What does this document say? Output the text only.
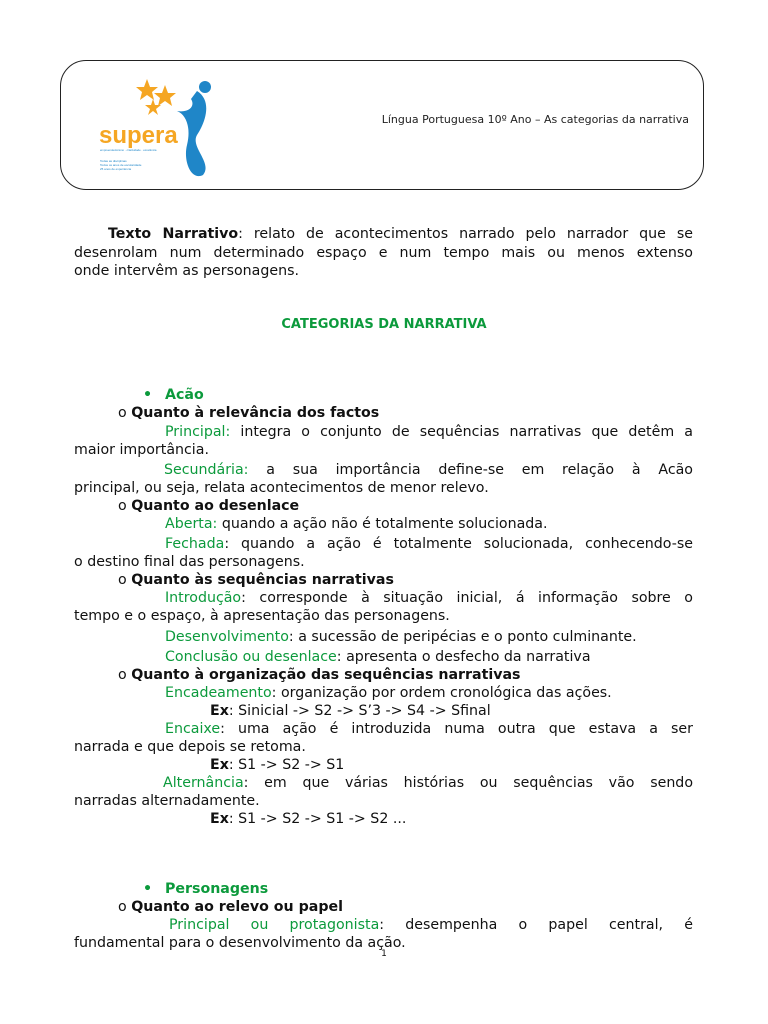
supera
empreendedorismo · criatividade · excelência
Todas as disciplinas
Todos os anos de escolaridade
25 anos de experiência
Língua Portuguesa 10º Ano – As categorias da narrativa
Texto Narrativo: relato de acontecimentos narrado pelo narrador que se
desenrolam num determinado espaço e num tempo mais ou menos extenso
onde intervêm as personagens.
CATEGORIAS DA NARRATIVA
• Acão
o Quanto à relevância dos factos
Principal: integra o conjunto de sequências narrativas que detêm a
maior importância.
Secundária: a sua importância define-se em relação à Acão
principal, ou seja, relata acontecimentos de menor relevo.
o Quanto ao desenlace
Aberta: quando a ação não é totalmente solucionada.
Fechada: quando a ação é totalmente solucionada, conhecendo-se
o destino final das personagens.
o Quanto às sequências narrativas
Introdução: corresponde à situação inicial, á informação sobre o
tempo e o espaço, à apresentação das personagens.
Desenvolvimento: a sucessão de peripécias e o ponto culminante.
Conclusão ou desenlace: apresenta o desfecho da narrativa
o Quanto à organização das sequências narrativas
Encadeamento: organização por ordem cronológica das ações.
Ex: Sinicial -> S2 -> S’3 -> S4 -> Sfinal
Encaixe: uma ação é introduzida numa outra que estava a ser
narrada e que depois se retoma.
Ex: S1 -> S2 -> S1
Alternância: em que várias histórias ou sequências vão sendo
narradas alternadamente.
Ex: S1 -> S2 -> S1 -> S2 ...
• Personagens
o Quanto ao relevo ou papel
Principal ou protagonista: desempenha o papel central, é
fundamental para o desenvolvimento da ação.
1
